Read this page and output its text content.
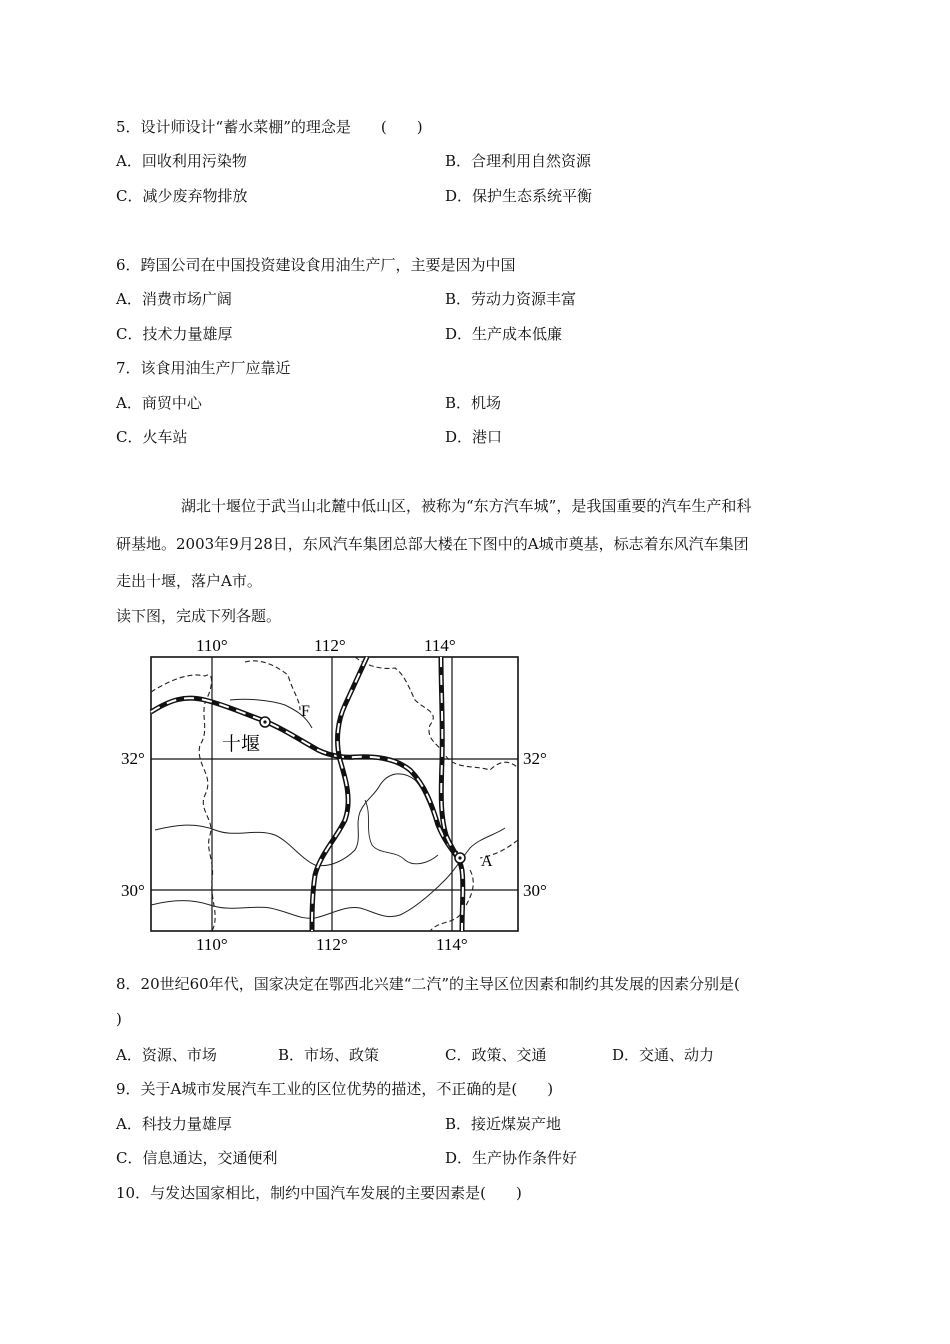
5．设计师设计“蓄水菜棚”的理念是　　(　　)
A．回收利用污染物	B．合理利用自然资源
C．减少废弃物排放	D．保护生态系统平衡
6．跨国公司在中国投资建设食用油生产厂，主要是因为中国
A．消费市场广阔	B．劳动力资源丰富
C．技术力量雄厚	D．生产成本低廉
7．该食用油生产厂应靠近
A．商贸中心	B．机场
C．火车站	D．港口
湖北十堰位于武当山北麓中低山区，被称为“东方汽车城”，是我国重要的汽车生产和科
研基地。2003年9月28日，东风汽车集团总部大楼在下图中的A城市奠基，标志着东风汽车集团
走出十堰，落户A市。
读下图，完成下列各题。
110°	112°	114°
110°	112°	114°
32°
30°
32°
30°
十堰
F
A
8．20世纪60年代，国家决定在鄂西北兴建“二汽”的主导区位因素和制约其发展的因素分别是(
)
A．资源、市场	B．市场、政策	C．政策、交通	D．交通、动力
9．关于A城市发展汽车工业的区位优势的描述，不正确的是(　　)
A．科技力量雄厚	B．接近煤炭产地
C．信息通达，交通便利	D．生产协作条件好
10．与发达国家相比，制约中国汽车发展的主要因素是(　　)
